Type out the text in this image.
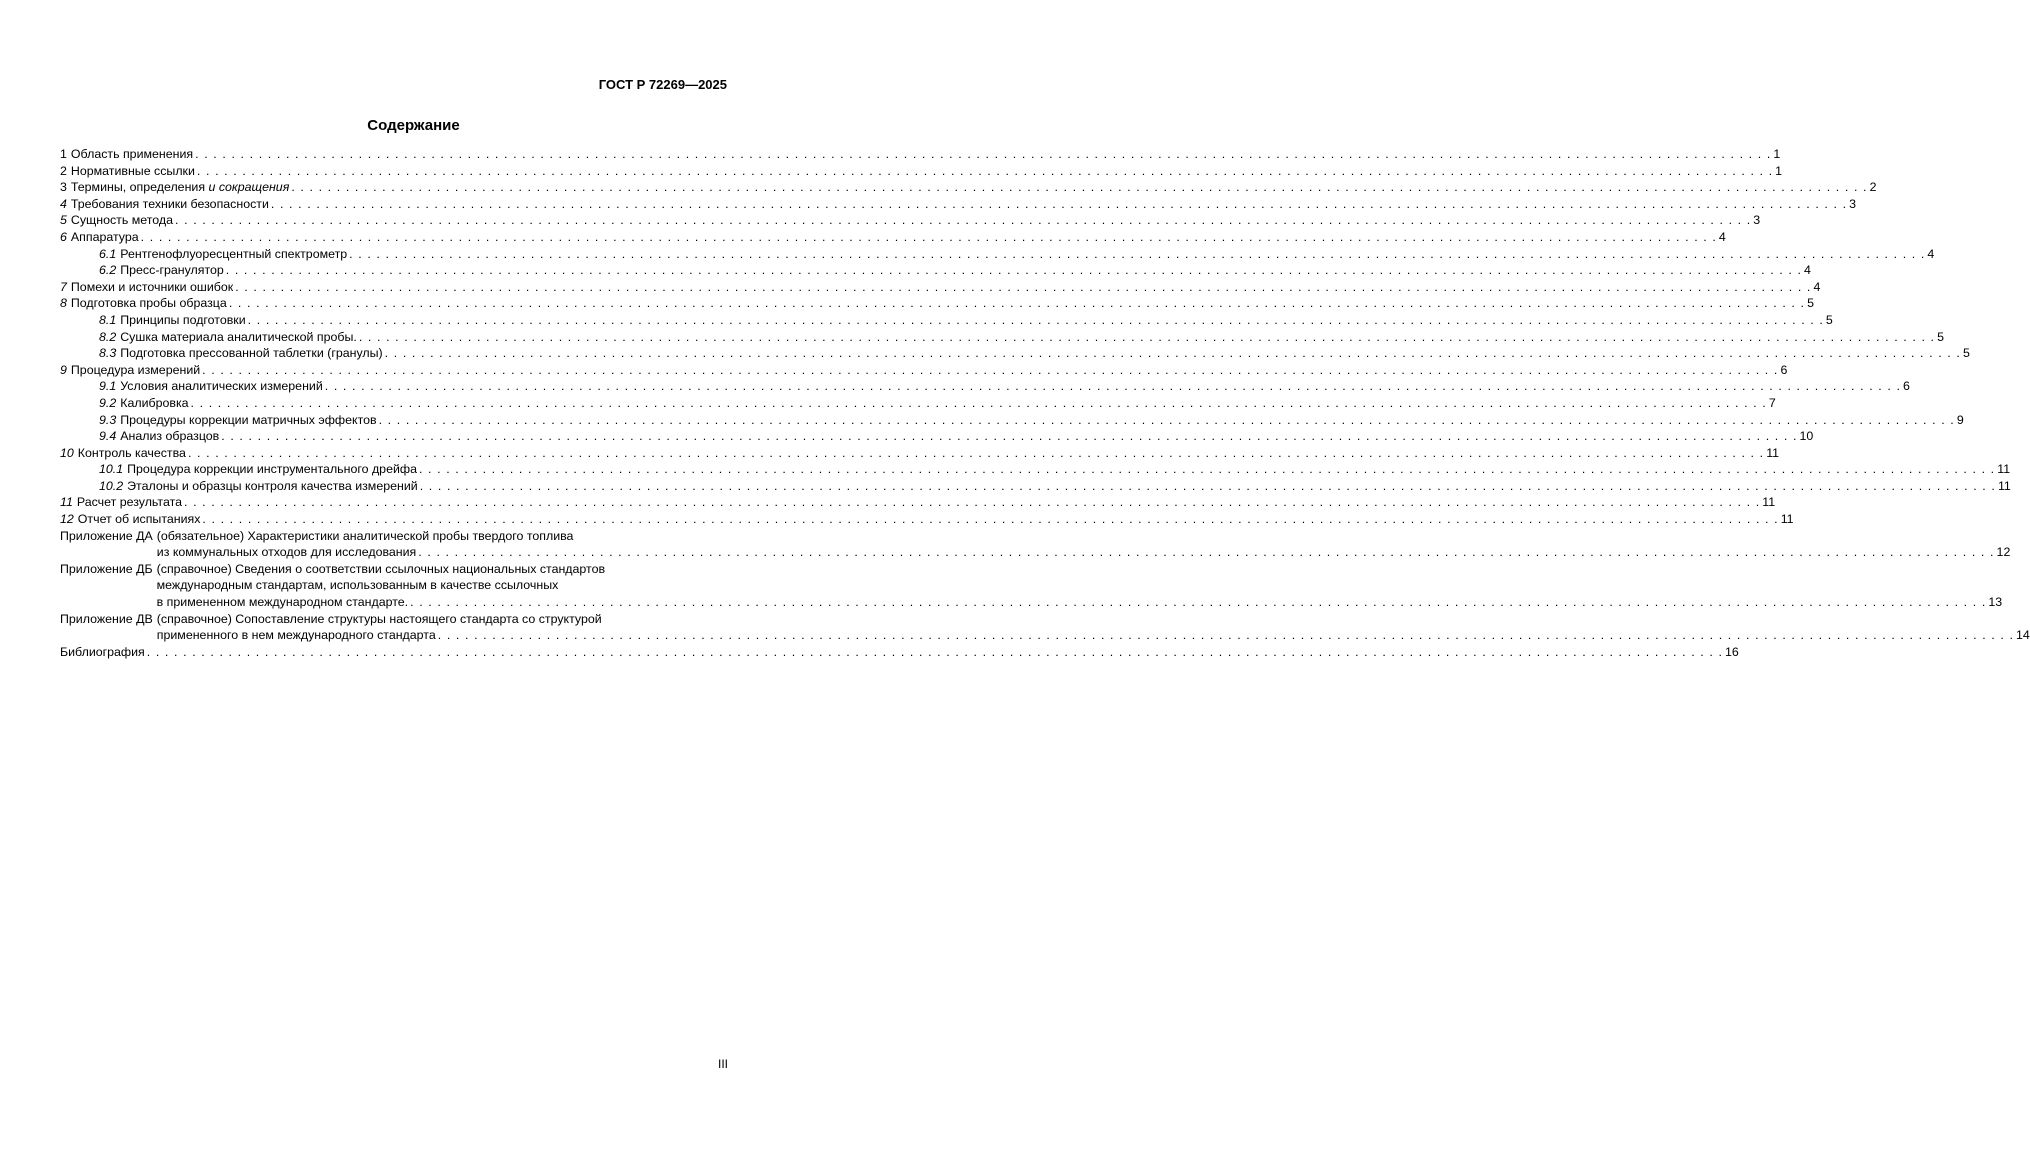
ГОСТ Р 72269—2025

Содержание
1 Область применения . . .	1
2 Нормативные ссылки . . .	1
3 Термины, определения и сокращения . . .	2
4 Требования техники безопасности . . .	3
5 Сущность метода . . .	3
6 Аппаратура . . .	4
6.1 Рентгенофлуоресцентный спектрометр . . .	4
6.2 Пресс-гранулятор . . .	4
7 Помехи и источники ошибок . . .	4
8 Подготовка пробы образца . . .	5
8.1 Принципы подготовки . . .	5
8.2 Сушка материала аналитической пробы. . . .	5
8.3 Подготовка прессованной таблетки (гранулы) . . .	5
9 Процедура измерений . . .	6
9.1 Условия аналитических измерений . . .	6
9.2 Калибровка . . .	7
9.3 Процедуры коррекции матричных эффектов . . .	9
9.4 Анализ образцов . . .	10
10 Контроль качества . . .	11
10.1 Процедура коррекции инструментального дрейфа . . .	11
10.2 Эталоны и образцы контроля качества измерений . . .	11
11 Расчет результата . . .	11
12 Отчет об испытаниях . . .	11
Приложение ДА (обязательное) Характеристики аналитической пробы твердого топлива
из коммунальных отходов для исследования . . .	12
Приложение ДБ (справочное) Сведения о соответствии ссылочных национальных стандартов
международным стандартам, использованным в качестве ссылочных
в примененном международном стандарте. . . .	13
Приложение ДВ (справочное) Сопоставление структуры настоящего стандарта со структурой
примененного в нем международного стандарта . . .	14
Библиография . . .	16

III
